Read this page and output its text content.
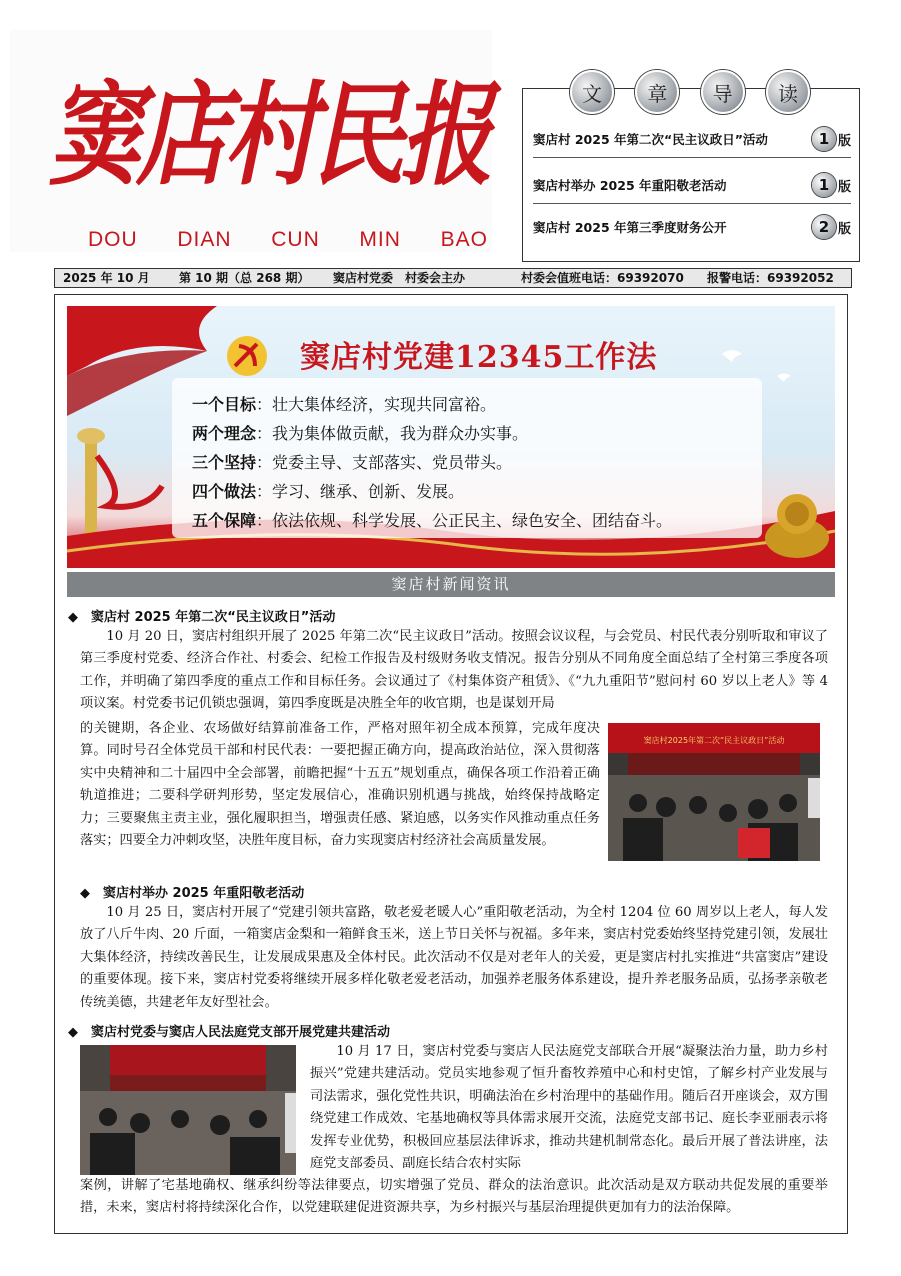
窦店村民报
DOU DIAN CUN MIN BAO
窦店村 2025 年第二次“民主议政日”活动	1 版
窦店村举办 2025 年重阳敬老活动	1 版
窦店村 2025 年第三季度财务公开	2 版
文	章	导	读
2025 年 10 月 第 10 期（总 268 期） 窦店村党委　村委会主办	村委会值班电话：69392070 报警电话：69392052
窦店村党建12345工作法
一个目标：壮大集体经济，实现共同富裕。
两个理念：我为集体做贡献，我为群众办实事。
三个坚持：党委主导、支部落实、党员带头。
四个做法：学习、继承、创新、发展。
五个保障：依法依规、科学发展、公正民主、绿色安全、团结奋斗。
窦店村新闻资讯
◆　窦店村 2025 年第二次“民主议政日”活动

10 月 20 日，窦店村组织开展了 2025 年第二次“民主议政日”活动。按照会议议程，与会党员、村民代表分别听取和审议了第三季度村党委、经济合作社、村委会、纪检工作报告及村级财务收支情况。报告分别从不同角度全面总结了全村第三季度各项工作，并明确了第四季度的重点工作和目标任务。会议通过了《村集体资产租赁》、《“九九重阳节”慰问村 60 岁以上老人》等 4 项议案。村党委书记仉锁忠强调，第四季度既是决胜全年的收官期，也是谋划开局

的关键期，各企业、农场做好结算前准备工作，严格对照年初全成本预算，完成年度决算。同时号召全体党员干部和村民代表：一要把握正确方向，提高政治站位，深入贯彻落实中央精神和二十届四中全会部署，前瞻把握“十五五”规划重点，确保各项工作沿着正确轨道推进；二要科学研判形势，坚定发展信心，准确识别机遇与挑战，始终保持战略定力；三要聚焦主责主业，强化履职担当，增强责任感、紧迫感，以务实作风推动重点任务落实；四要全力冲刺攻坚，决胜年度目标，奋力实现窦店村经济社会高质量发展。

窦店村2025年第二次“民主议政日”活动
◆　窦店村举办 2025 年重阳敬老活动

10 月 25 日，窦店村开展了“党建引领共富路，敬老爱老暖人心”重阳敬老活动，为全村 1204 位 60 周岁以上老人，每人发放了八斤牛肉、20 斤面，一箱窦店金梨和一箱鲜食玉米，送上节日关怀与祝福。多年来，窦店村党委始终坚持党建引领，发展壮大集体经济，持续改善民生，让发展成果惠及全体村民。此次活动不仅是对老年人的关爱，更是窦店村扎实推进“共富窦店”建设的重要体现。接下来，窦店村党委将继续开展多样化敬老爱老活动，加强养老服务体系建设，提升养老服务品质，弘扬孝亲敬老传统美德，共建老年友好型社会。

◆　窦店村党委与窦店人民法庭党支部开展党建共建活动

10 月 17 日，窦店村党委与窦店人民法庭党支部联合开展“凝聚法治力量，助力乡村振兴”党建共建活动。党员实地参观了恒升畜牧养殖中心和村史馆，了解乡村产业发展与司法需求，强化党性共识，明确法治在乡村治理中的基础作用。随后召开座谈会，双方围绕党建工作成效、宅基地确权等具体需求展开交流，法庭党支部书记、庭长李亚丽表示将发挥专业优势，积极回应基层法律诉求，推动共建机制常态化。最后开展了普法讲座，法庭党支部委员、副庭长结合农村实际

案例，讲解了宅基地确权、继承纠纷等法律要点，切实增强了党员、群众的法治意识。此次活动是双方联动共促发展的重要举措，未来，窦店村将持续深化合作，以党建联建促进资源共享，为乡村振兴与基层治理提供更加有力的法治保障。
